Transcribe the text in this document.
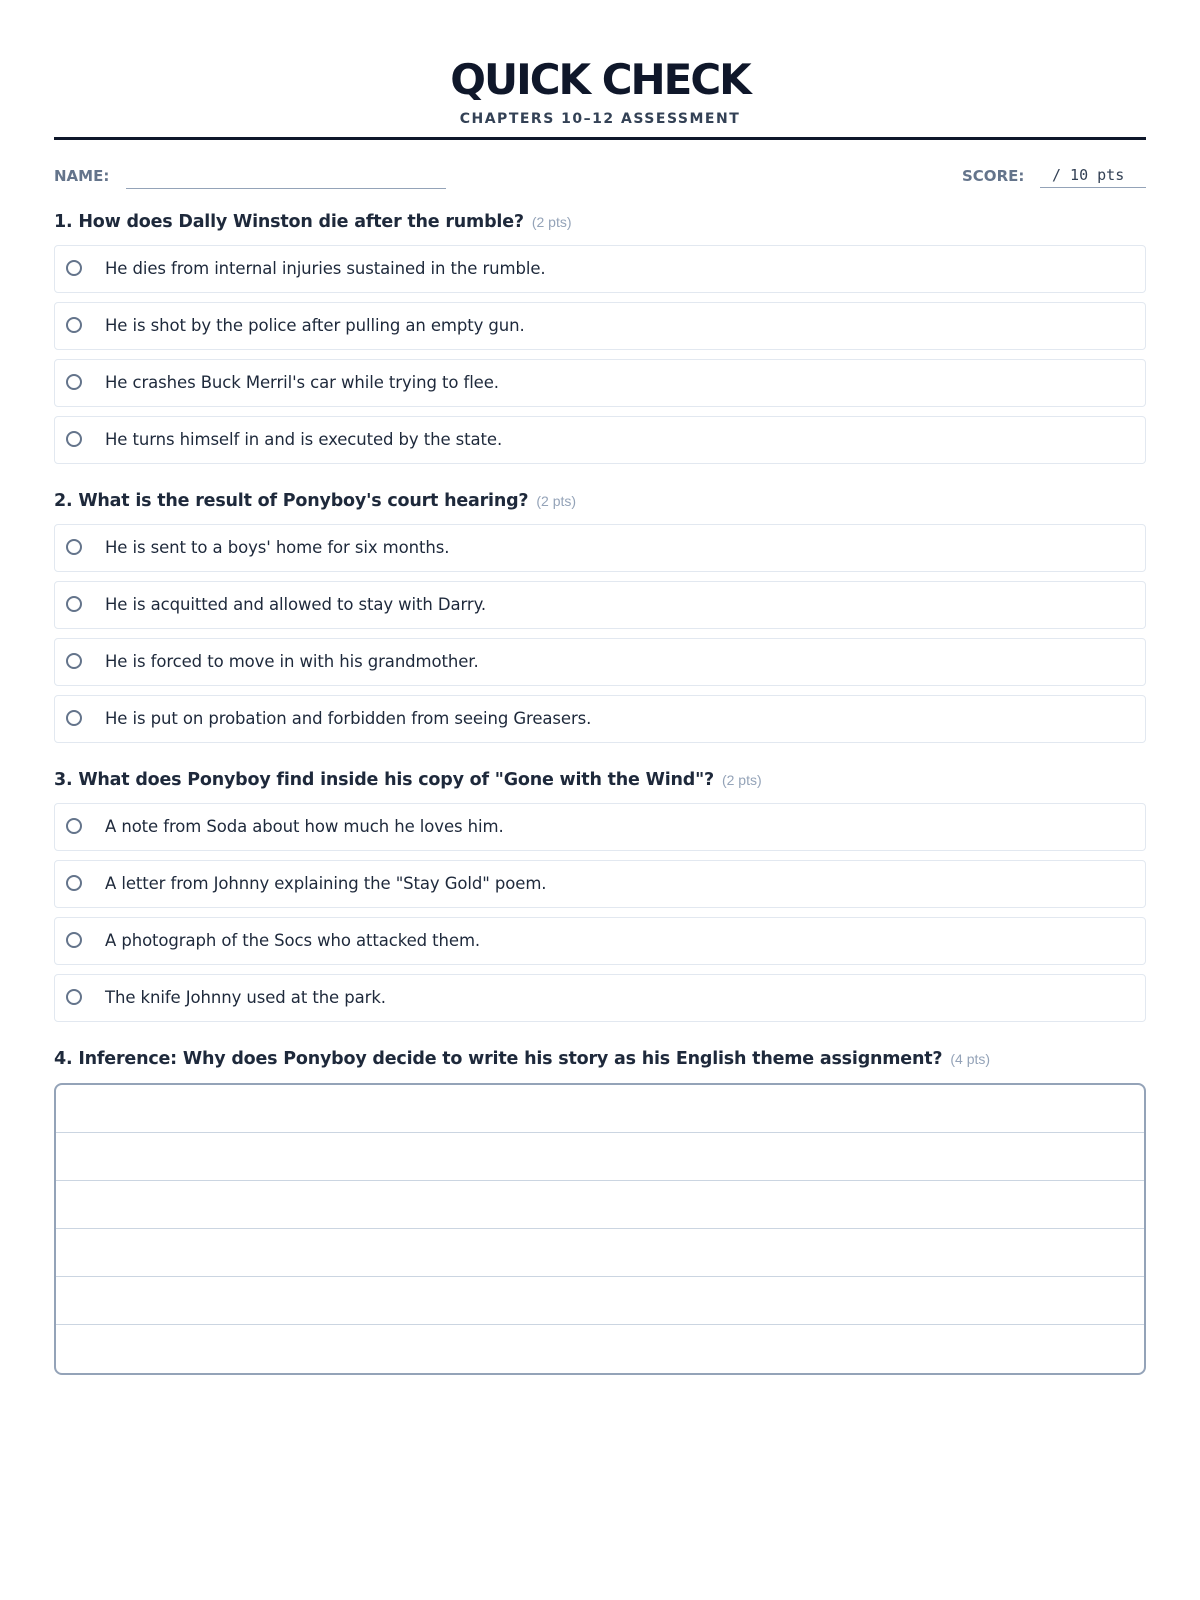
QUICK CHECK
CHAPTERS 10–12 ASSESSMENT
NAME:	SCORE:	/ 10 pts
1. How does Dally Winston die after the rumble? (2 pts)
He dies from internal injuries sustained in the rumble.
He is shot by the police after pulling an empty gun.
He crashes Buck Merril's car while trying to flee.
He turns himself in and is executed by the state.
2. What is the result of Ponyboy's court hearing? (2 pts)
He is sent to a boys' home for six months.
He is acquitted and allowed to stay with Darry.
He is forced to move in with his grandmother.
He is put on probation and forbidden from seeing Greasers.
3. What does Ponyboy find inside his copy of "Gone with the Wind"? (2 pts)
A note from Soda about how much he loves him.
A letter from Johnny explaining the "Stay Gold" poem.
A photograph of the Socs who attacked them.
The knife Johnny used at the park.
4. Inference: Why does Ponyboy decide to write his story as his English theme assignment? (4 pts)
